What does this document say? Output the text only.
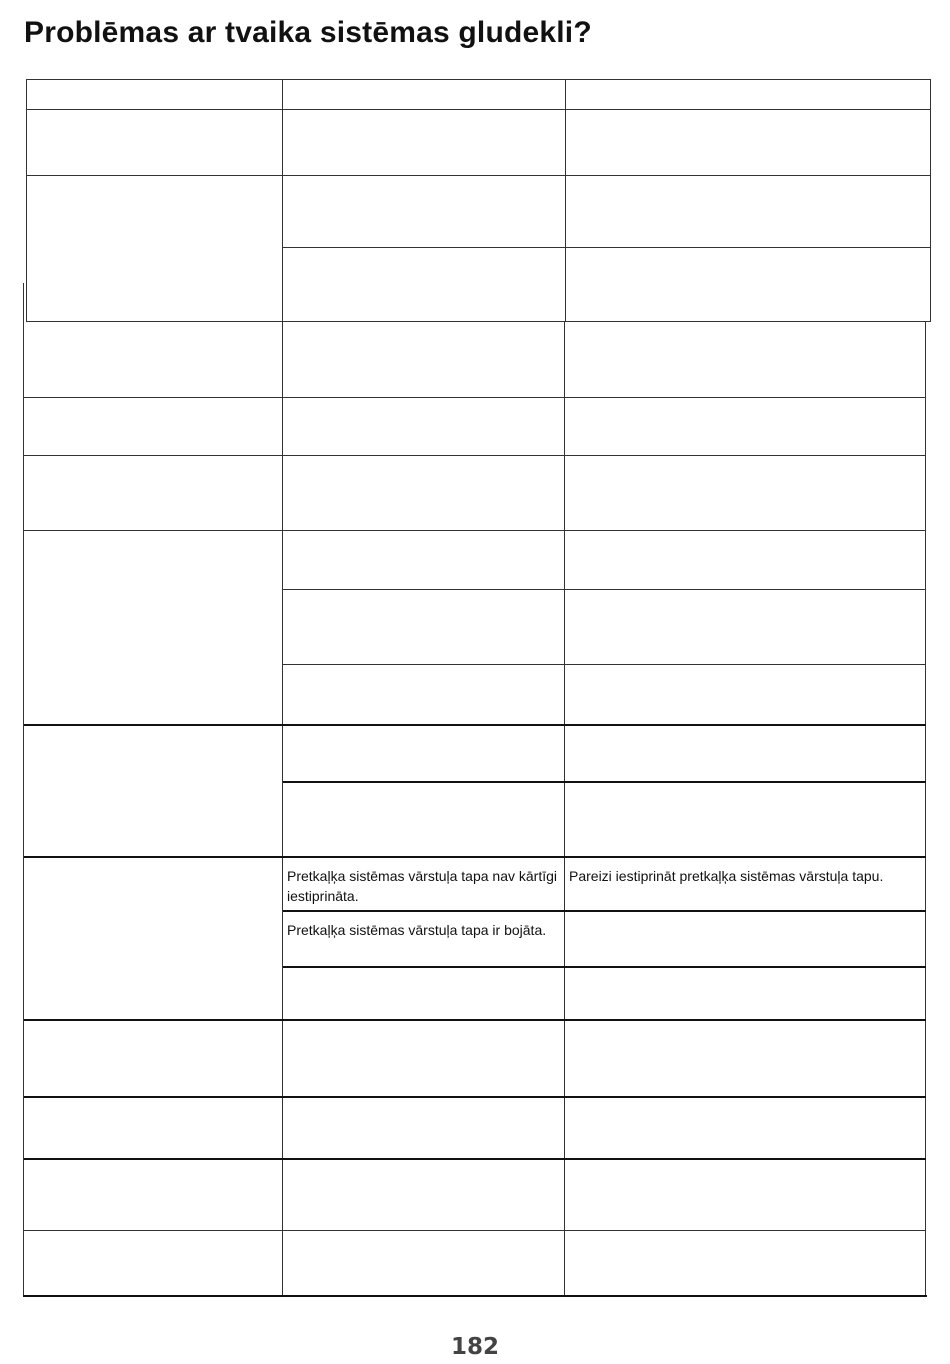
Problēmas ar tvaika sistēmas gludekli?
Pretkaļķa sistēmas vārstuļa tapa nav kārtīgi iestiprināta.
Pareizi iestiprināt pretkaļķa sistēmas vārstuļa tapu.
Pretkaļķa sistēmas vārstuļa tapa ir bojāta.
182
